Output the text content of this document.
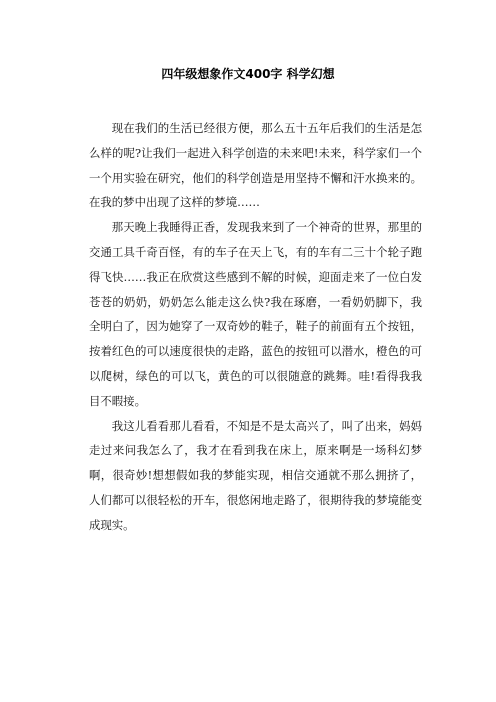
四年级想象作文400字 科学幻想

现在我们的生活已经很方便，那么五十五年后我们的生活是怎么样的呢?让我们一起进入科学创造的未来吧!未来，科学家们一个一个用实验在研究，他们的科学创造是用坚持不懈和汗水换来的。在我的梦中出现了这样的梦境……

那天晚上我睡得正香，发现我来到了一个神奇的世界，那里的交通工具千奇百怪，有的车子在天上飞，有的车有二三十个轮子跑得飞快……我正在欣赏这些感到不解的时候，迎面走来了一位白发苍苍的奶奶，奶奶怎么能走这么快?我在琢磨，一看奶奶脚下，我全明白了，因为她穿了一双奇妙的鞋子，鞋子的前面有五个按钮，按着红色的可以速度很快的走路，蓝色的按钮可以潜水，橙色的可以爬树，绿色的可以飞，黄色的可以很随意的跳舞。哇!看得我我目不暇接。

我这儿看看那儿看看，不知是不是太高兴了，叫了出来，妈妈走过来问我怎么了，我才在看到我在床上，原来啊是一场科幻梦啊，很奇妙!想想假如我的梦能实现，相信交通就不那么拥挤了，人们都可以很轻松的开车，很悠闲地走路了，很期待我的梦境能变成现实。
